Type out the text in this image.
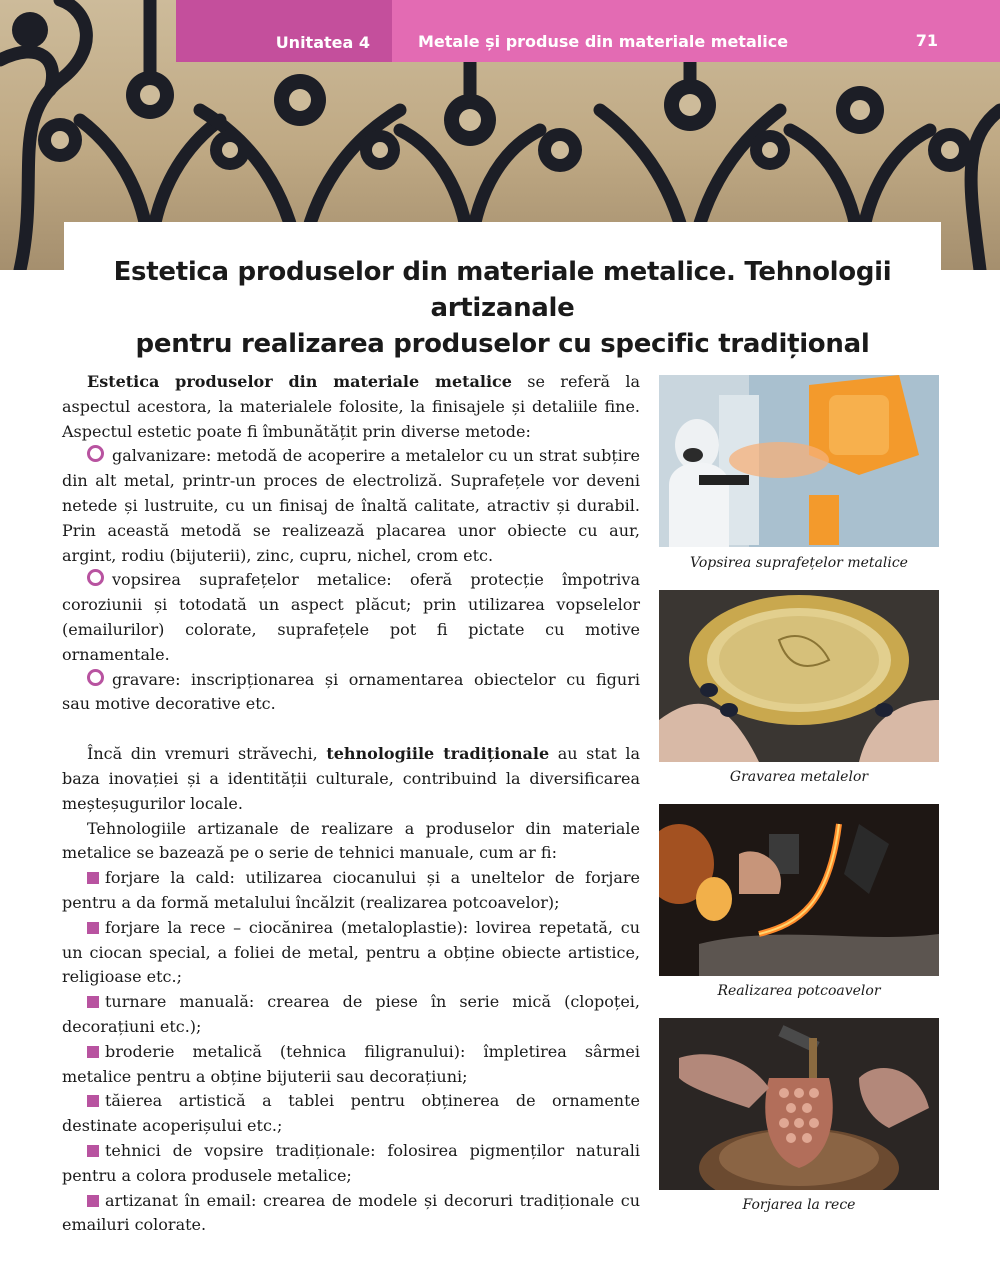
Unitatea 4	Metale și produse din materiale metalice	71
Estetica produselor din materiale metalice. Tehnologii artizanale
pentru realizarea produselor cu specific tradițional

Estetica produselor din materiale metalice se referă la aspectul acestora, la materialele folosite, la finisajele și detaliile fine. Aspectul estetic poate fi îmbunătățit prin diverse metode:

galvanizare: metodă de acoperire a metalelor cu un strat subțire din alt metal, printr-un proces de electroliză. Suprafețele vor deveni netede și lustruite, cu un finisaj de înaltă calitate, atractiv și durabil. Prin această metodă se realizează placarea unor obiecte cu aur, argint, rodiu (bijuterii), zinc, cupru, nichel, crom etc.

vopsirea suprafețelor metalice: oferă protecție împotriva coroziunii și totodată un aspect plăcut; prin utilizarea vopselelor (emailurilor) colorate, suprafețele pot fi pictate cu motive ornamentale.

gravare: inscripționarea și ornamentarea obiectelor cu figuri sau motive decorative etc.

Încă din vremuri străvechi, tehnologiile tradiționale au stat la baza inovației și a identității culturale, contribuind la diversificarea meșteșugurilor locale.

Tehnologiile artizanale de realizare a produselor din materiale metalice se bazează pe o serie de tehnici manuale, cum ar fi:

forjare la cald: utilizarea ciocanului și a uneltelor de forjare pentru a da formă metalului încălzit (realizarea potcoavelor);

forjare la rece – ciocănirea (metaloplastie): lovirea repetată, cu un ciocan special, a foliei de metal, pentru a obține obiecte artistice, religioase etc.;

turnare manuală: crearea de piese în serie mică (clopoței, decorațiuni etc.);

broderie metalică (tehnica filigranului): împletirea sârmei metalice pentru a obține bijuterii sau decorațiuni;

tăierea artistică a tablei pentru obținerea de ornamente destinate acoperișului etc.;

tehnici de vopsire tradiționale: folosirea pigmenților naturali pentru a colora produsele metalice;

artizanat în email: crearea de modele și decoruri tradiționale cu emailuri colorate.

Vopsirea suprafețelor metalice
Gravarea metalelor
Realizarea potcoavelor
Forjarea la rece
